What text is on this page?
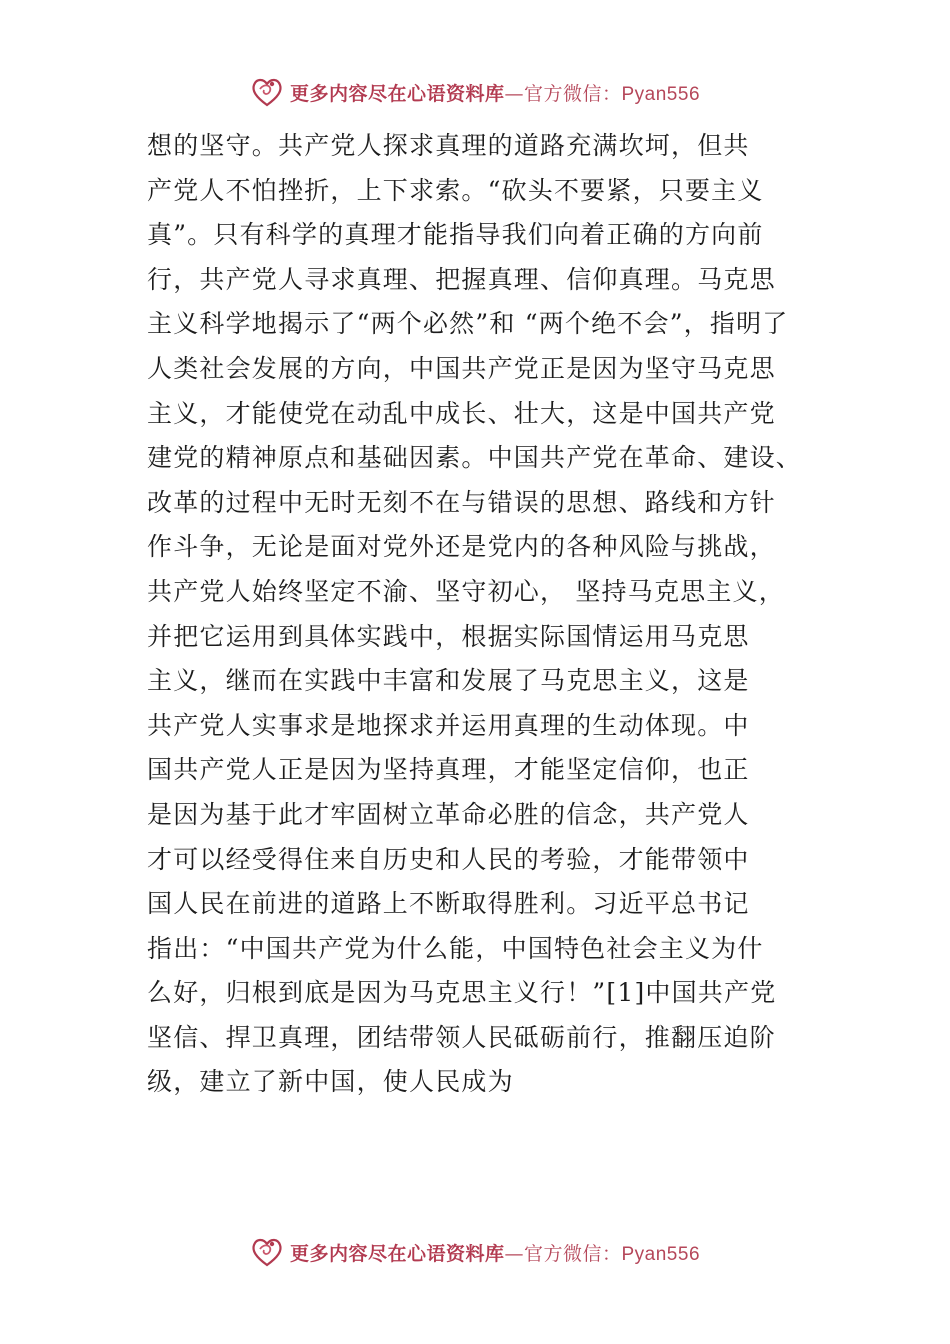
更多内容尽在心语资料库—官方微信：Pyan556
想的坚守。共产党人探求真理的道路充满坎坷，但共
产党人不怕挫折，上下求索。“砍头不要紧，只要主义
真”。只有科学的真理才能指导我们向着正确的方向前
行，共产党人寻求真理、把握真理、信仰真理。马克思
主义科学地揭示了“两个必然”和 “两个绝不会”，指明了
人类社会发展的方向，中国共产党正是因为坚守马克思
主义，才能使党在动乱中成长、壮大，这是中国共产党
建党的精神原点和基础因素。中国共产党在革命、建设、
改革的过程中无时无刻不在与错误的思想、路线和方针
作斗争，无论是面对党外还是党内的各种风险与挑战，
共产党人始终坚定不渝、坚守初心， 坚持马克思主义，
并把它运用到具体实践中，根据实际国情运用马克思
主义，继而在实践中丰富和发展了马克思主义，这是
共产党人实事求是地探求并运用真理的生动体现。中
国共产党人正是因为坚持真理，才能坚定信仰，也正
是因为基于此才牢固树立革命必胜的信念，共产党人
才可以经受得住来自历史和人民的考验，才能带领中
国人民在前进的道路上不断取得胜利。习近平总书记
指出：“中国共产党为什么能，中国特色社会主义为什
么好，归根到底是因为马克思主义行！”[1]中国共产党
坚信、捍卫真理，团结带领人民砥砺前行，推翻压迫阶
级，建立了新中国，使人民成为
更多内容尽在心语资料库—官方微信：Pyan556
